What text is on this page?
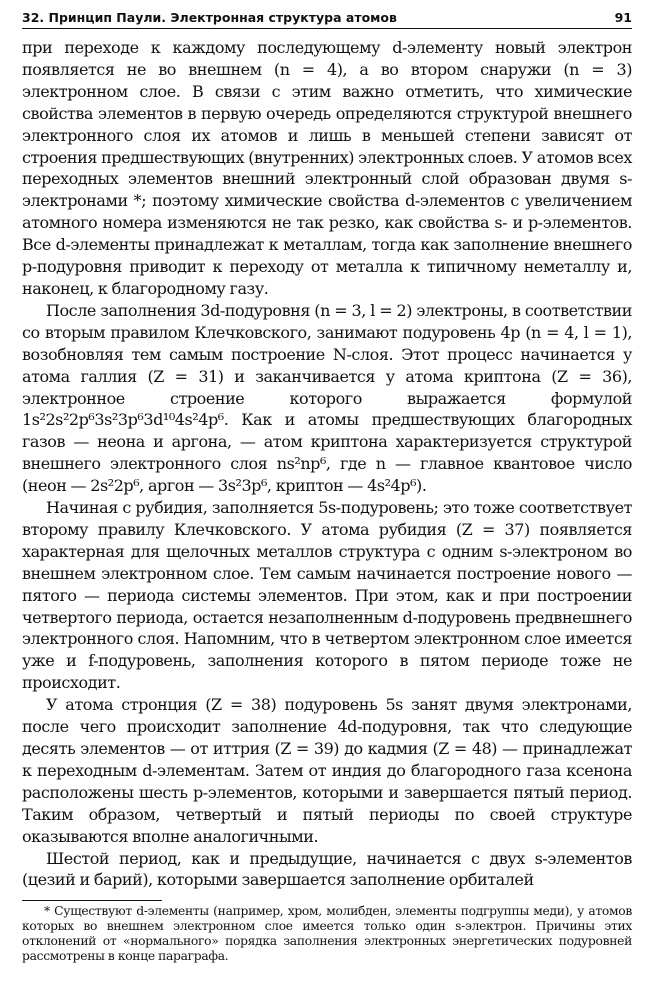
32. Принцип Паули. Электронная структура атомов	91

при переходе к каждому последующему d-элементу новый электрон появляется не во внешнем (n = 4), а во втором снаружи (n = 3) электронном слое. В связи с этим важно отметить, что химические свойства элементов в первую очередь определяются структурой внешнего электронного слоя их атомов и лишь в меньшей степени зависят от строения предшествующих (внутренних) электронных слоев. У атомов всех переходных элементов внешний электронный слой образован двумя s-электронами *; поэтому химические свойства d-элементов с увеличением атомного номера изменяются не так резко, как свойства s- и p-элементов. Все d-элементы принадлежат к металлам, тогда как заполнение внешнего p-подуровня приводит к переходу от металла к типичному неметаллу и, наконец, к благородному газу.

После заполнения 3d-подуровня (n = 3, l = 2) электроны, в соответствии со вторым правилом Клечковского, занимают подуровень 4p (n = 4, l = 1), возобновляя тем самым построение N-слоя. Этот процесс начинается у атома галлия (Z = 31) и заканчивается у атома криптона (Z = 36), электронное строение которого выражается формулой 1s²2s²2p⁶3s²3p⁶3d¹⁰4s²4p⁶. Как и атомы предшествующих благородных газов — неона и аргона, — атом криптона характеризуется структурой внешнего электронного слоя ns²np⁶, где n — главное квантовое число (неон — 2s²2p⁶, аргон — 3s²3p⁶, криптон — 4s²4p⁶).

Начиная с рубидия, заполняется 5s-подуровень; это тоже соответствует второму правилу Клечковского. У атома рубидия (Z = 37) появляется характерная для щелочных металлов структура с одним s-электроном во внешнем электронном слое. Тем самым начинается построение нового — пятого — периода системы элементов. При этом, как и при построении четвертого периода, остается незаполненным d-подуровень предвнешнего электронного слоя. Напомним, что в четвертом электронном слое имеется уже и f-подуровень, заполнения которого в пятом периоде тоже не происходит.

У атома стронция (Z = 38) подуровень 5s занят двумя электронами, после чего происходит заполнение 4d-подуровня, так что следующие десять элементов — от иттрия (Z = 39) до кадмия (Z = 48) — принадлежат к переходным d-элементам. Затем от индия до благородного газа ксенона расположены шесть p-элементов, которыми и завершается пятый период. Таким образом, четвертый и пятый периоды по своей структуре оказываются вполне аналогичными.

Шестой период, как и предыдущие, начинается с двух s-элементов (цезий и барий), которыми завершается заполнение орбиталей

* Существуют d-элементы (например, хром, молибден, элементы подгруппы меди), у атомов которых во внешнем электронном слое имеется только один s-электрон. Причины этих отклонений от «нормального» порядка заполнения электронных энергетических подуровней рассмотрены в конце параграфа.
